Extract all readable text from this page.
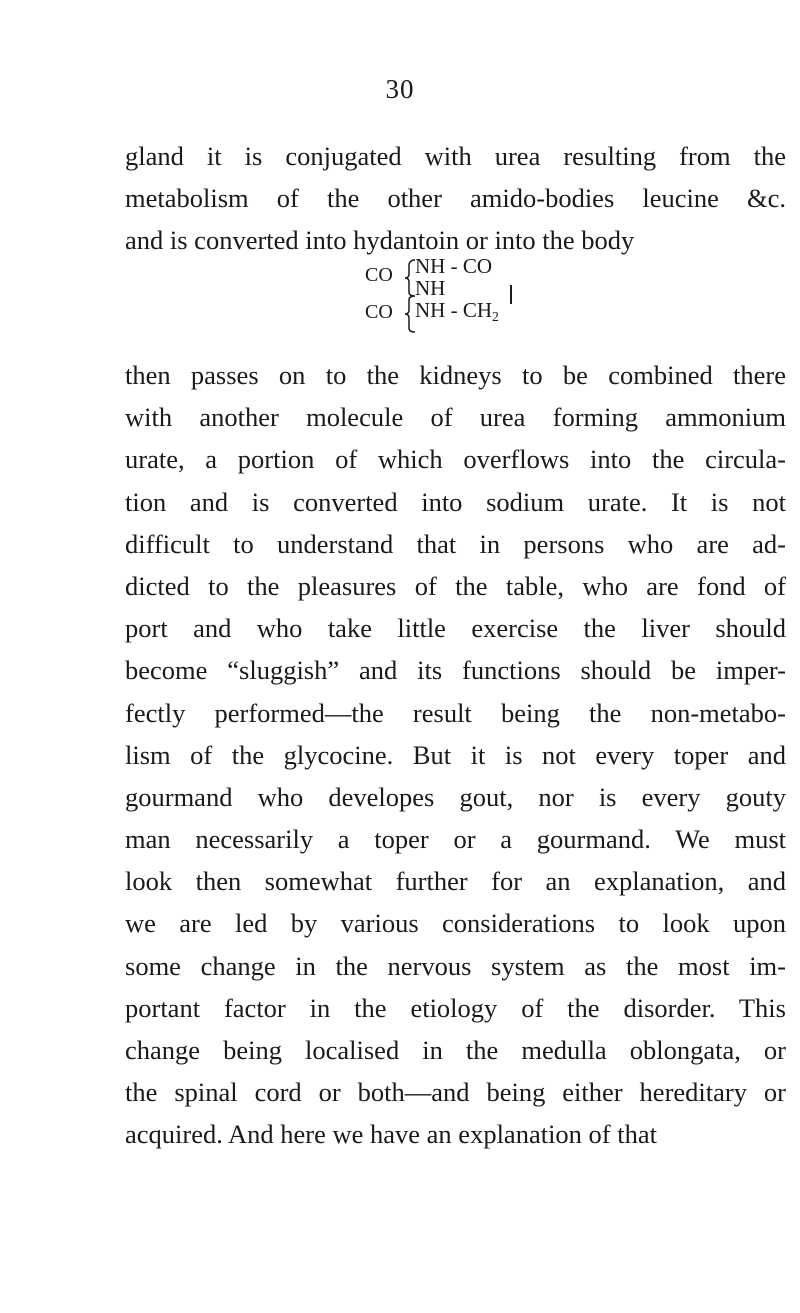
30
gland it is conjugated with urea resulting from the
metabolism of the other amido-bodies leucine &c.
and is converted into hydantoin or into the body
CO
CO
NH - CO
NH
NH - $CH_2$
then passes on to the kidneys to be combined there
with another molecule of urea forming ammonium
urate, a portion of which overflows into the circula-
tion and is converted into sodium urate. It is not
difficult to understand that in persons who are ad-
dicted to the pleasures of the table, who are fond of
port and who take little exercise the liver should
become “sluggish” and its functions should be imper-
fectly performed—the result being the non-metabo-
lism of the glycocine. But it is not every toper and
gourmand who developes gout, nor is every gouty
man necessarily a toper or a gourmand. We must
look then somewhat further for an explanation, and
we are led by various considerations to look upon
some change in the nervous system as the most im-
portant factor in the etiology of the disorder. This
change being localised in the medulla oblongata, or
the spinal cord or both—and being either hereditary or
acquired. And here we have an explanation of that
